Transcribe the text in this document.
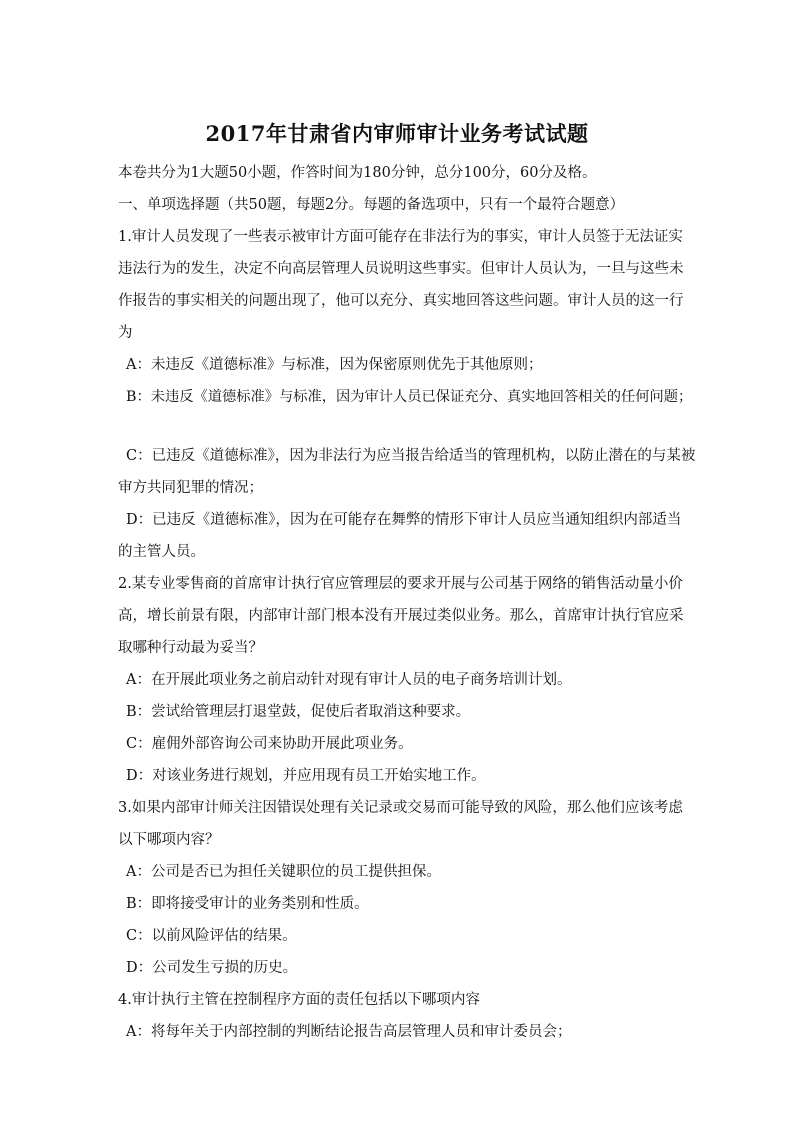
2017年甘肃省内审师审计业务考试试题
本卷共分为1大题50小题，作答时间为180分钟，总分100分，60分及格。
一、单项选择题（共50题，每题2分。每题的备选项中，只有一个最符合题意）
1.审计人员发现了一些表示被审计方面可能存在非法行为的事实，审计人员签于无法证实
违法行为的发生，决定不向高层管理人员说明这些事实。但审计人员认为，一旦与这些未
作报告的事实相关的问题出现了，他可以充分、真实地回答这些问题。审计人员的这一行
为
A：未违反《道德标准》与标准，因为保密原则优先于其他原则；
B：未违反《道德标准》与标准，因为审计人员已保证充分、真实地回答相关的任何问题；
C：已违反《道德标准》，因为非法行为应当报告给适当的管理机构，以防止潜在的与某被
审方共同犯罪的情况；
D：已违反《道德标准》，因为在可能存在舞弊的情形下审计人员应当通知组织内部适当
的主管人员。
2.某专业零售商的首席审计执行官应管理层的要求开展与公司基于网络的销售活动量小价
高，增长前景有限，内部审计部门根本没有开展过类似业务。那么，首席审计执行官应采
取哪种行动最为妥当？
A：在开展此项业务之前启动针对现有审计人员的电子商务培训计划。
B：尝试给管理层打退堂鼓，促使后者取消这种要求。
C：雇佣外部咨询公司来协助开展此项业务。
D：对该业务进行规划，并应用现有员工开始实地工作。
3.如果内部审计师关注因错误处理有关记录或交易而可能导致的风险，那么他们应该考虑
以下哪项内容？
A：公司是否已为担任关键职位的员工提供担保。
B：即将接受审计的业务类别和性质。
C：以前风险评估的结果。
D：公司发生亏损的历史。
4.审计执行主管在控制程序方面的责任包括以下哪项内容
A：将每年关于内部控制的判断结论报告高层管理人员和审计委员会；
